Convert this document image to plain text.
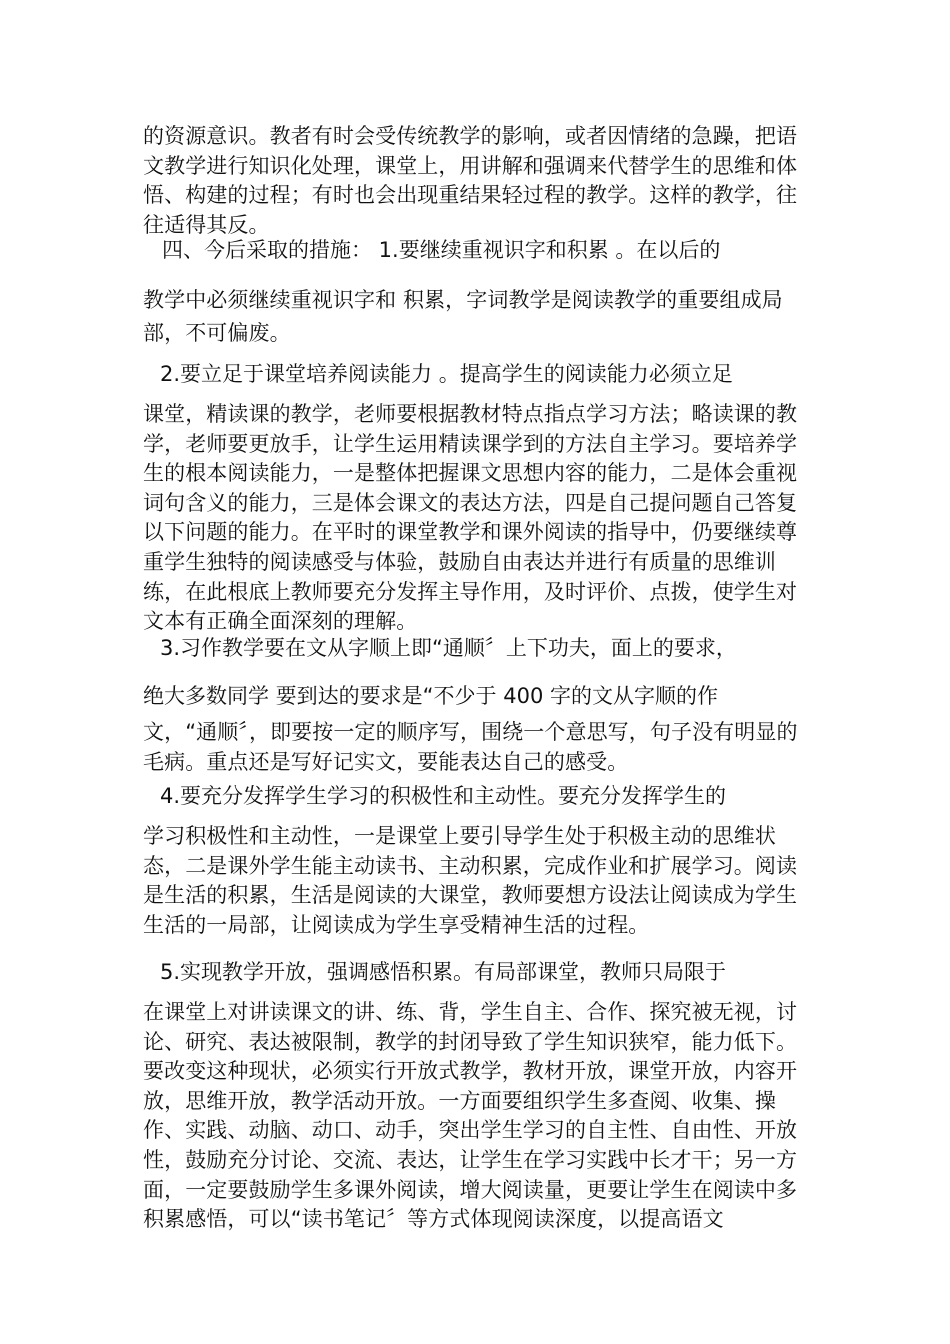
的资源意识。教者有时会受传统教学的影响，或者因情绪的急躁，把语文教学进行知识化处理，课堂上，用讲解和强调来代替学生的思维和体悟、构建的过程；有时也会出现重结果轻过程的教学。这样的教学，往往适得其反。

四、今后采取的措施： 1.要继续重视识字和积累 。在以后的

教学中必须继续重视识字和 积累，字词教学是阅读教学的重要组成局部，不可偏废。

2.要立足于课堂培养阅读能力 。提高学生的阅读能力必须立足

课堂，精读课的教学，老师要根据教材特点指点学习方法；略读课的教学，老师要更放手，让学生运用精读课学到的方法自主学习。要培养学生的根本阅读能力，一是整体把握课文思想内容的能力，二是体会重视词句含义的能力，三是体会课文的表达方法，四是自己提问题自己答复以下问题的能力。在平时的课堂教学和课外阅读的指导中，仍要继续尊重学生独特的阅读感受与体验，鼓励自由表达并进行有质量的思维训练，在此根底上教师要充分发挥主导作用，及时评价、点拨，使学生对文本有正确全面深刻的理解。

3.习作教学要在文从字顺上即“通顺〞上下功夫，面上的要求，

绝大多数同学 要到达的要求是“不少于 400 字的文从字顺的作

文，“通顺〞，即要按一定的顺序写，围绕一个意思写，句子没有明显的毛病。重点还是写好记实文，要能表达自己的感受。

4.要充分发挥学生学习的积极性和主动性。要充分发挥学生的

学习积极性和主动性，一是课堂上要引导学生处于积极主动的思维状态，二是课外学生能主动读书、主动积累，完成作业和扩展学习。阅读是生活的积累，生活是阅读的大课堂，教师要想方设法让阅读成为学生生活的一局部，让阅读成为学生享受精神生活的过程。

5.实现教学开放，强调感悟积累。有局部课堂，教师只局限于

在课堂上对讲读课文的讲、练、背，学生自主、合作、探究被无视，讨论、研究、表达被限制，教学的封闭导致了学生知识狭窄，能力低下。要改变这种现状，必须实行开放式教学，教材开放，课堂开放，内容开放，思维开放，教学活动开放。一方面要组织学生多查阅、收集、操作、实践、动脑、动口、动手，突出学生学习的自主性、自由性、开放性，鼓励充分讨论、交流、表达，让学生在学习实践中长才干；另一方面，一定要鼓励学生多课外阅读，增大阅读量，更要让学生在阅读中多积累感悟，可以“读书笔记〞等方式体现阅读深度，以提高语文
